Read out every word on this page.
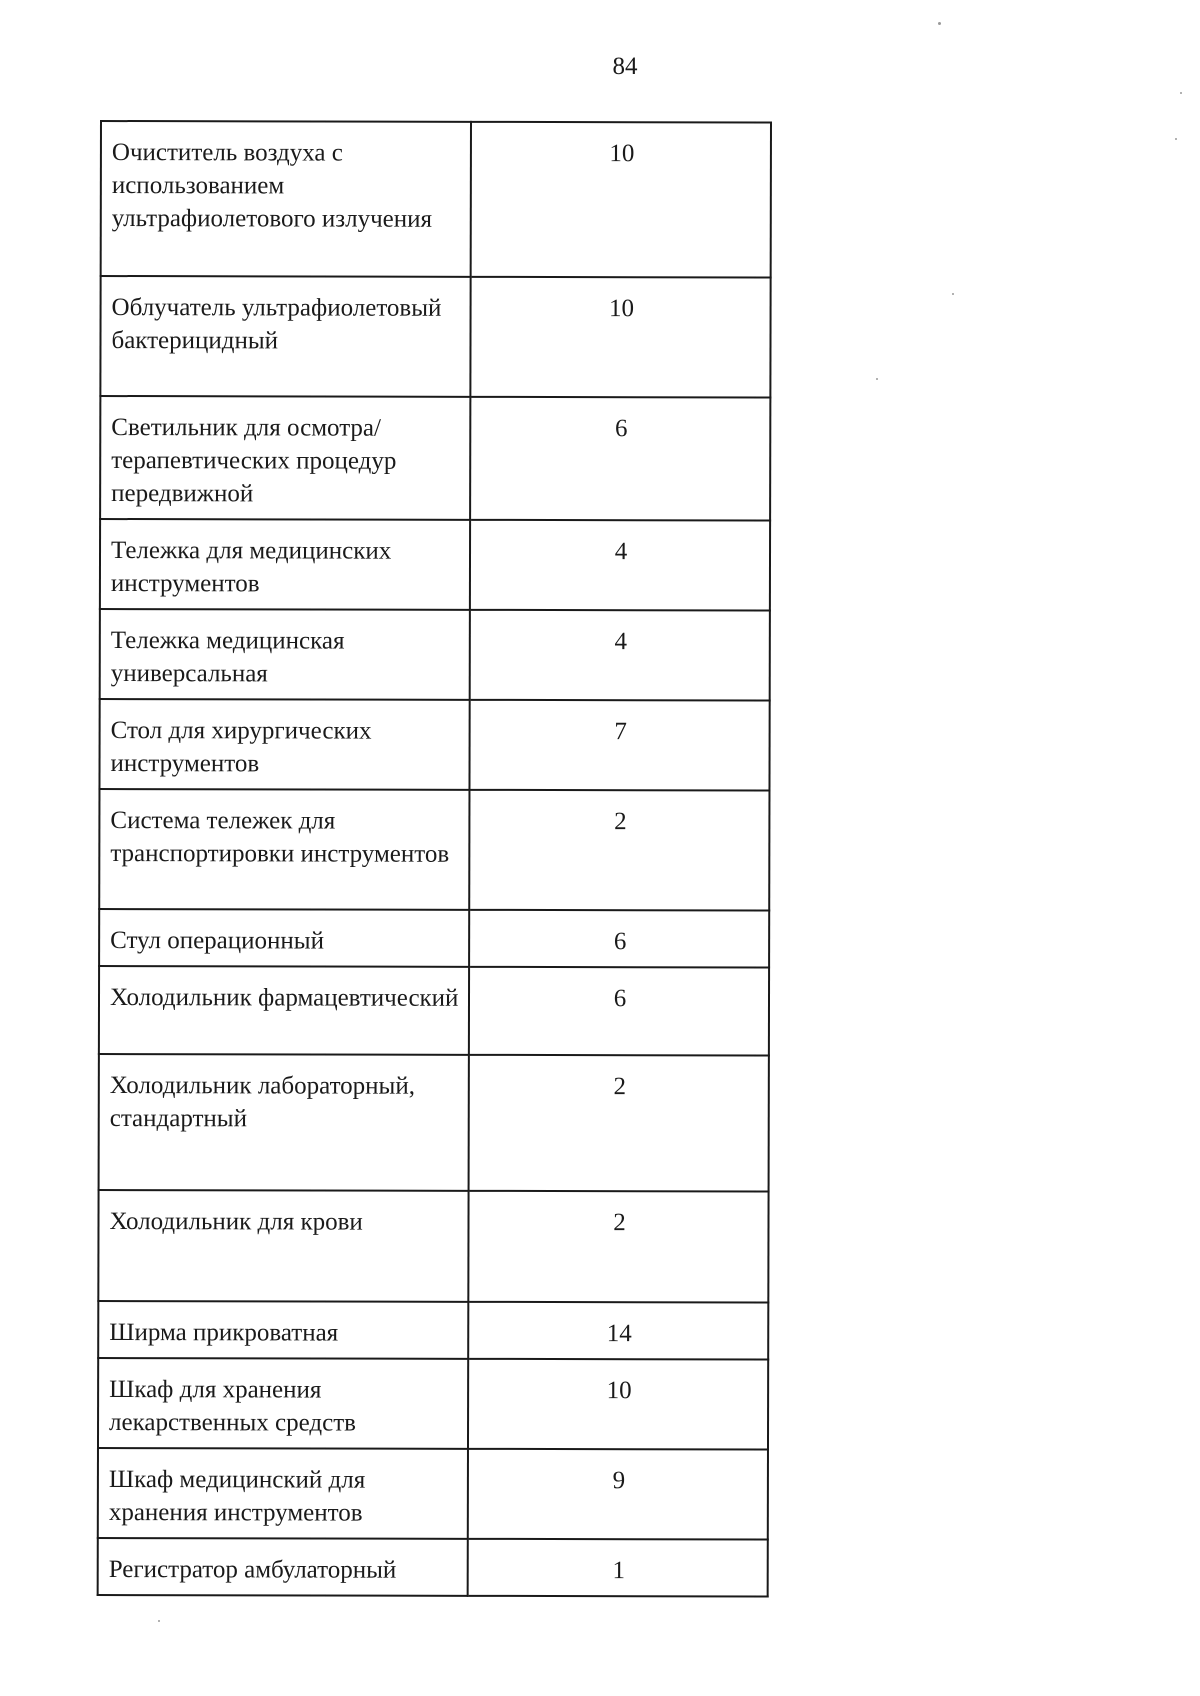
84
Очиститель воздуха с использованием ультрафиолетового излучения	10
Облучатель ультрафиолетовый бактерицидный	10
Светильник для осмотра/терапевтических процедур передвижной	6
Тележка для медицинских инструментов	4
Тележка медицинская универсальная	4
Стол для хирургических инструментов	7
Система тележек для транспортировки инструментов	2
Стул операционный	6
Холодильник фармацевтический	6
Холодильник лабораторный, стандартный	2
Холодильник для крови	2
Ширма прикроватная	14
Шкаф для хранения лекарственных средств	10
Шкаф медицинский для хранения инструментов	9
Регистратор амбулаторный	1
